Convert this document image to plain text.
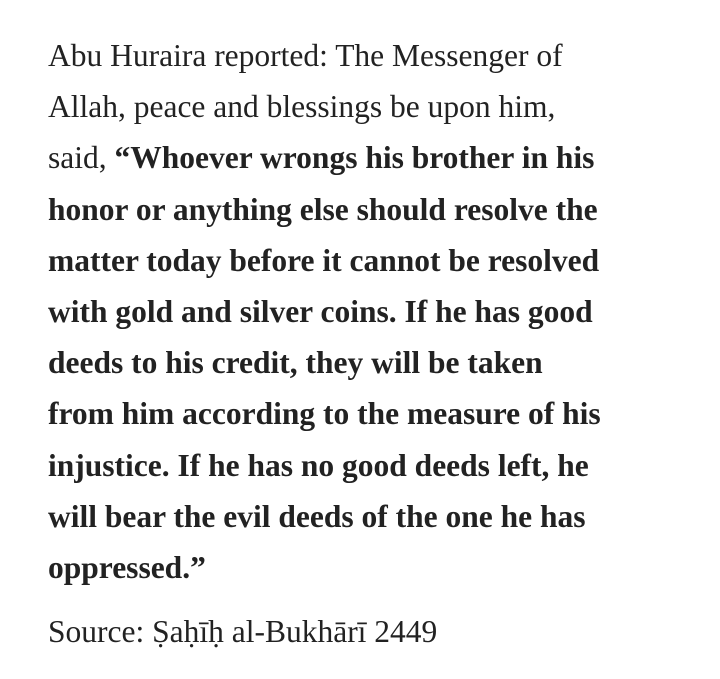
Abu Huraira reported: The Messenger of
Allah, peace and blessings be upon him,
said, “Whoever wrongs his brother in his
honor or anything else should resolve the
matter today before it cannot be resolved
with gold and silver coins. If he has good
deeds to his credit, they will be taken
from him according to the measure of his
injustice. If he has no good deeds left, he
will bear the evil deeds of the one he has
oppressed.”
Source: Ṣaḥīḥ al-Bukhārī 2449
